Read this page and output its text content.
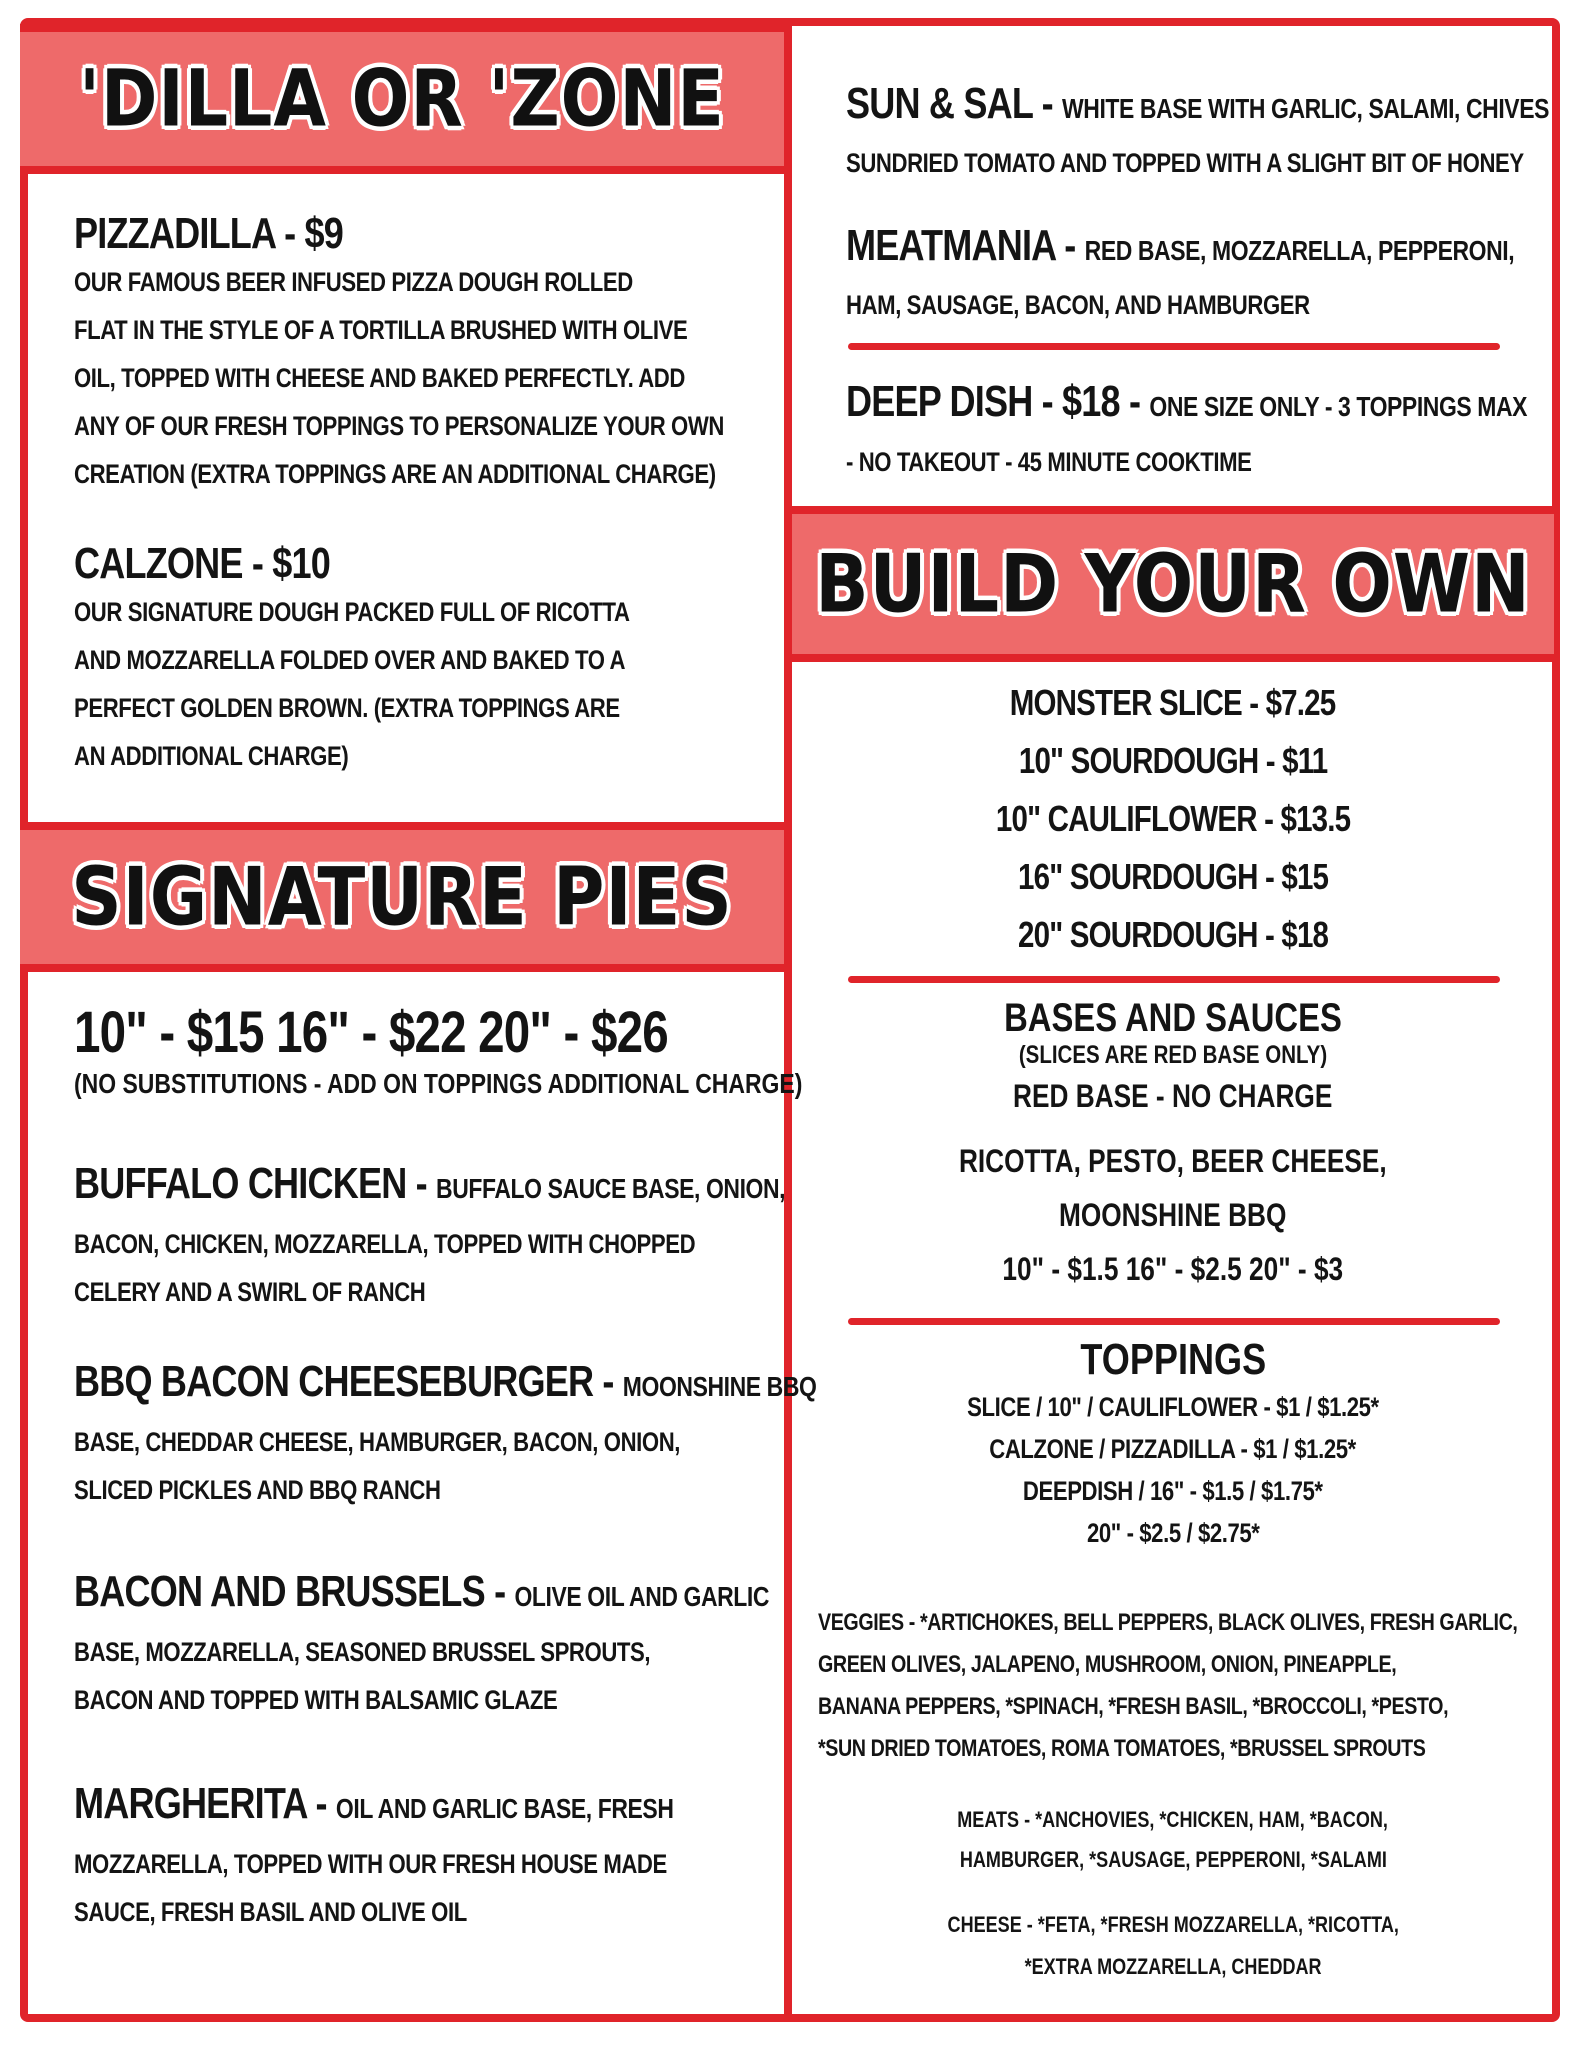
'DILLA OR 'ZONE
PIZZADILLA - $9
OUR FAMOUS BEER INFUSED PIZZA DOUGH ROLLED
FLAT IN THE STYLE OF A TORTILLA BRUSHED WITH OLIVE
OIL, TOPPED WITH CHEESE AND BAKED PERFECTLY. ADD
ANY OF OUR FRESH TOPPINGS TO PERSONALIZE YOUR OWN
CREATION (EXTRA TOPPINGS ARE AN ADDITIONAL CHARGE)
CALZONE - $10
OUR SIGNATURE DOUGH PACKED FULL OF RICOTTA
AND MOZZARELLA FOLDED OVER AND BAKED TO A
PERFECT GOLDEN BROWN. (EXTRA TOPPINGS ARE
AN ADDITIONAL CHARGE)
SIGNATURE PIES
10" - $15 16" - $22 20" - $26
(NO SUBSTITUTIONS - ADD ON TOPPINGS ADDITIONAL CHARGE)
BUFFALO CHICKEN - BUFFALO SAUCE BASE, ONION,
BACON, CHICKEN, MOZZARELLA, TOPPED WITH CHOPPED
CELERY AND A SWIRL OF RANCH
BBQ BACON CHEESEBURGER - MOONSHINE BBQ
BASE, CHEDDAR CHEESE, HAMBURGER, BACON, ONION,
SLICED PICKLES AND BBQ RANCH
BACON AND BRUSSELS - OLIVE OIL AND GARLIC
BASE, MOZZARELLA, SEASONED BRUSSEL SPROUTS,
BACON AND TOPPED WITH BALSAMIC GLAZE
MARGHERITA - OIL AND GARLIC BASE, FRESH
MOZZARELLA, TOPPED WITH OUR FRESH HOUSE MADE
SAUCE, FRESH BASIL AND OLIVE OIL
SUN & SAL - WHITE BASE WITH GARLIC, SALAMI, CHIVES
SUNDRIED TOMATO AND TOPPED WITH A SLIGHT BIT OF HONEY
MEATMANIA - RED BASE, MOZZARELLA, PEPPERONI,
HAM, SAUSAGE, BACON, AND HAMBURGER
DEEP DISH - $18 - ONE SIZE ONLY - 3 TOPPINGS MAX
- NO TAKEOUT - 45 MINUTE COOKTIME
BUILD YOUR OWN
MONSTER SLICE - $7.25
10" SOURDOUGH - $11
10" CAULIFLOWER - $13.5
16" SOURDOUGH - $15
20" SOURDOUGH - $18
BASES AND SAUCES
(SLICES ARE RED BASE ONLY)
RED BASE - NO CHARGE
RICOTTA, PESTO, BEER CHEESE,
MOONSHINE BBQ
10" - $1.5 16" - $2.5 20" - $3
TOPPINGS
SLICE / 10" / CAULIFLOWER - $1 / $1.25*
CALZONE / PIZZADILLA - $1 / $1.25*
DEEPDISH / 16" - $1.5 / $1.75*
20" - $2.5 / $2.75*
VEGGIES - *ARTICHOKES, BELL PEPPERS, BLACK OLIVES, FRESH GARLIC,
GREEN OLIVES, JALAPENO, MUSHROOM, ONION, PINEAPPLE,
BANANA PEPPERS, *SPINACH, *FRESH BASIL, *BROCCOLI, *PESTO,
*SUN DRIED TOMATOES, ROMA TOMATOES, *BRUSSEL SPROUTS
MEATS - *ANCHOVIES, *CHICKEN, HAM, *BACON,
HAMBURGER, *SAUSAGE, PEPPERONI, *SALAMI
CHEESE - *FETA, *FRESH MOZZARELLA, *RICOTTA,
*EXTRA MOZZARELLA, CHEDDAR
